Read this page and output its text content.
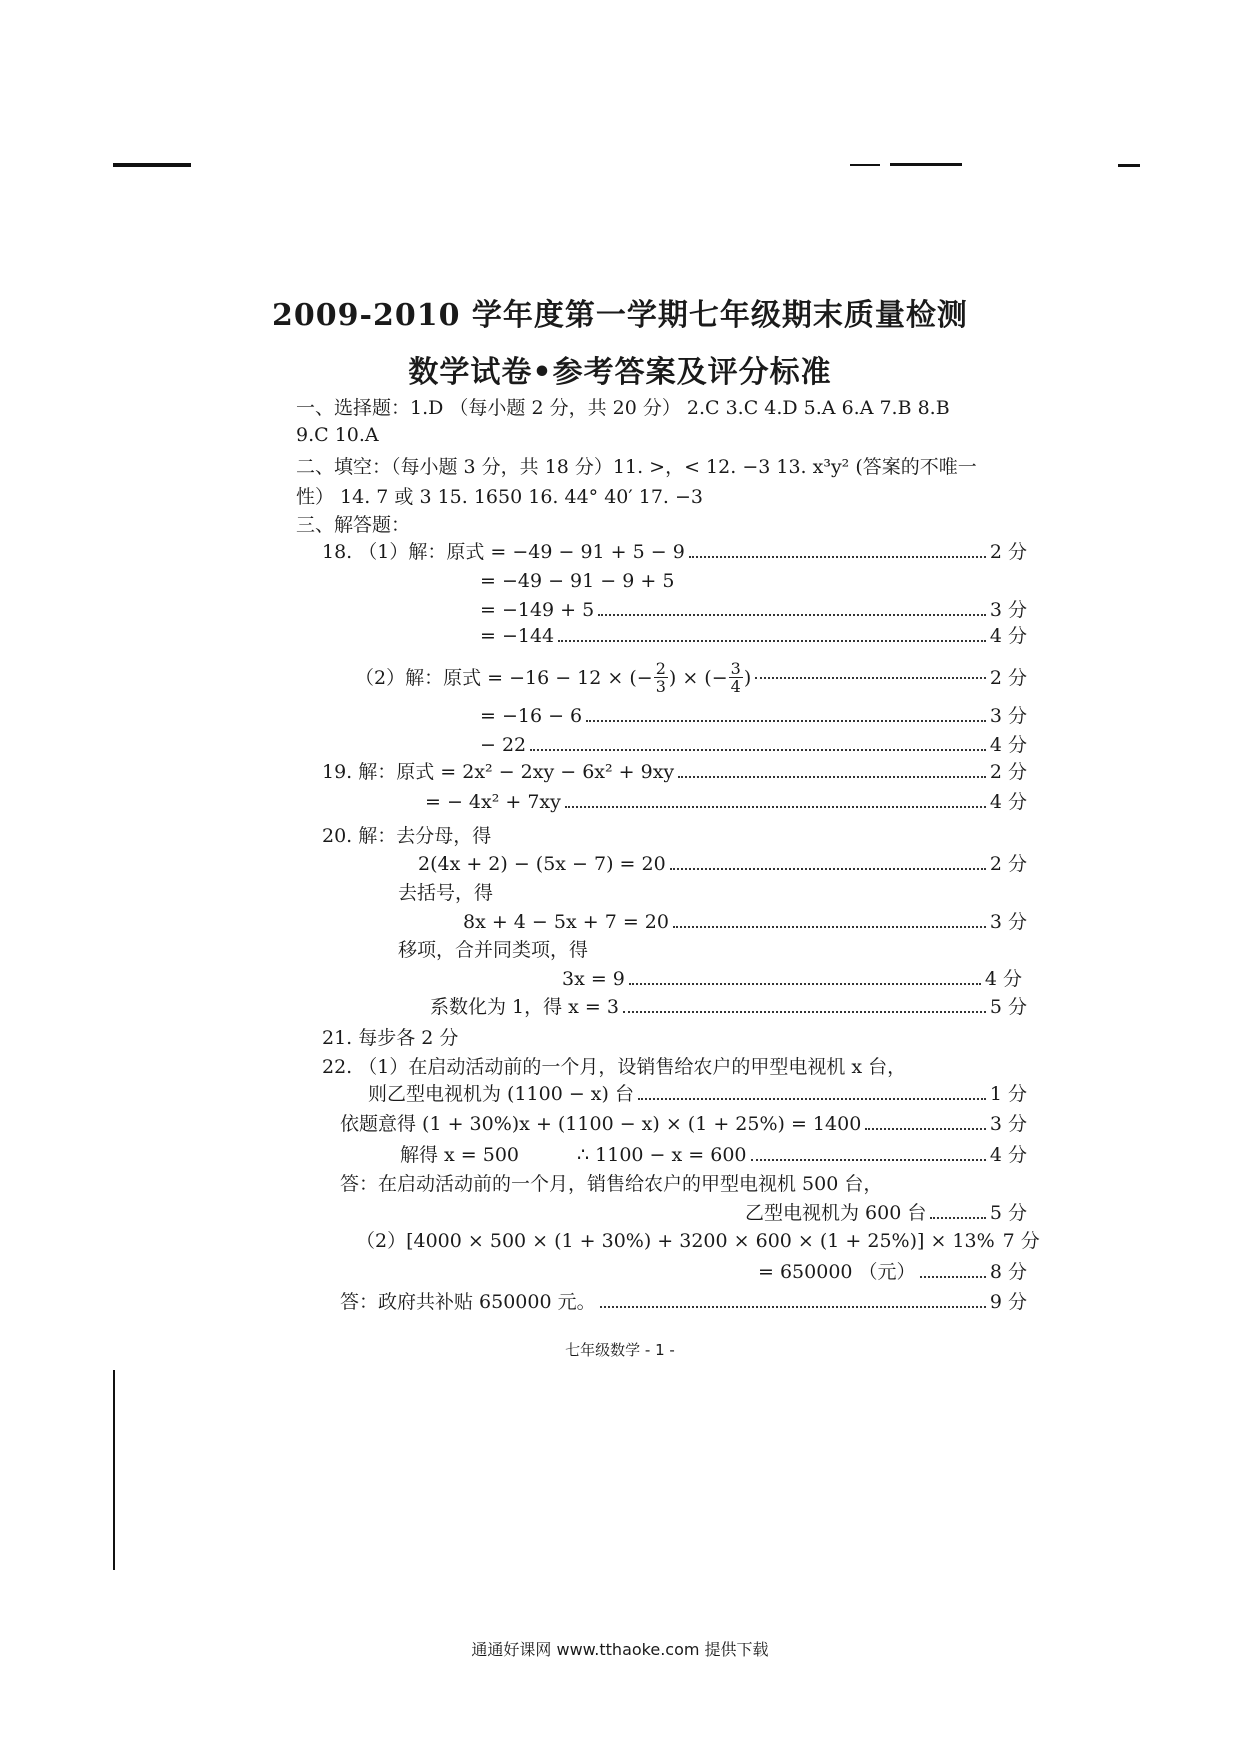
2009-2010 学年度第一学期七年级期末质量检测
数学试卷•参考答案及评分标准
一、选择题：1.D （每小题 2 分，共 20 分） 2.C 3.C 4.D 5.A 6.A 7.B 8.B
9.C 10.A
二、填空：（每小题 3 分，共 18 分）11. >，< 12. −3 13. x³y² (答案的不唯一
性） 14. 7 或 3 15. 1650 16. 44° 40′ 17. −3
三、解答题：
18. （1）解：原式 = −49 − 91 + 5 − 9	2 分
= −49 − 91 − 9 + 5
= −149 + 5	3 分
= −144	4 分
（2）解：原式 = −16 − 12 × (− $\frac{2}{3}$ ) × (− $\frac{3}{4}$ )	2 分
= −16 − 6	3 分
− 22	4 分
19. 解：原式 = 2x² − 2xy − 6x² + 9xy	2 分
= − 4x² + 7xy	4 分
20. 解：去分母，得
2(4x + 2) − (5x − 7) = 20	2 分
去括号，得
8x + 4 − 5x + 7 = 20	3 分
移项，合并同类项，得
3x = 9	4 分
系数化为 1，得 x = 3	5 分
21. 每步各 2 分
22. （1）在启动活动前的一个月，设销售给农户的甲型电视机 x 台，
则乙型电视机为 (1100 − x) 台	1 分
依题意得 (1 + 30%)x + (1100 − x) × (1 + 25%) = 1400	3 分
解得 x = 500	∴ 1100 − x = 600	4 分
答：在启动活动前的一个月，销售给农户的甲型电视机 500 台，
乙型电视机为 600 台	5 分
（2）[4000 × 500 × (1 + 30%) + 3200 × 600 × (1 + 25%)] × 13% 7 分
= 650000 （元）	8 分
答：政府共补贴 650000 元。	9 分
七年级数学 - 1 -
通通好课网 www.tthaoke.com 提供下载
